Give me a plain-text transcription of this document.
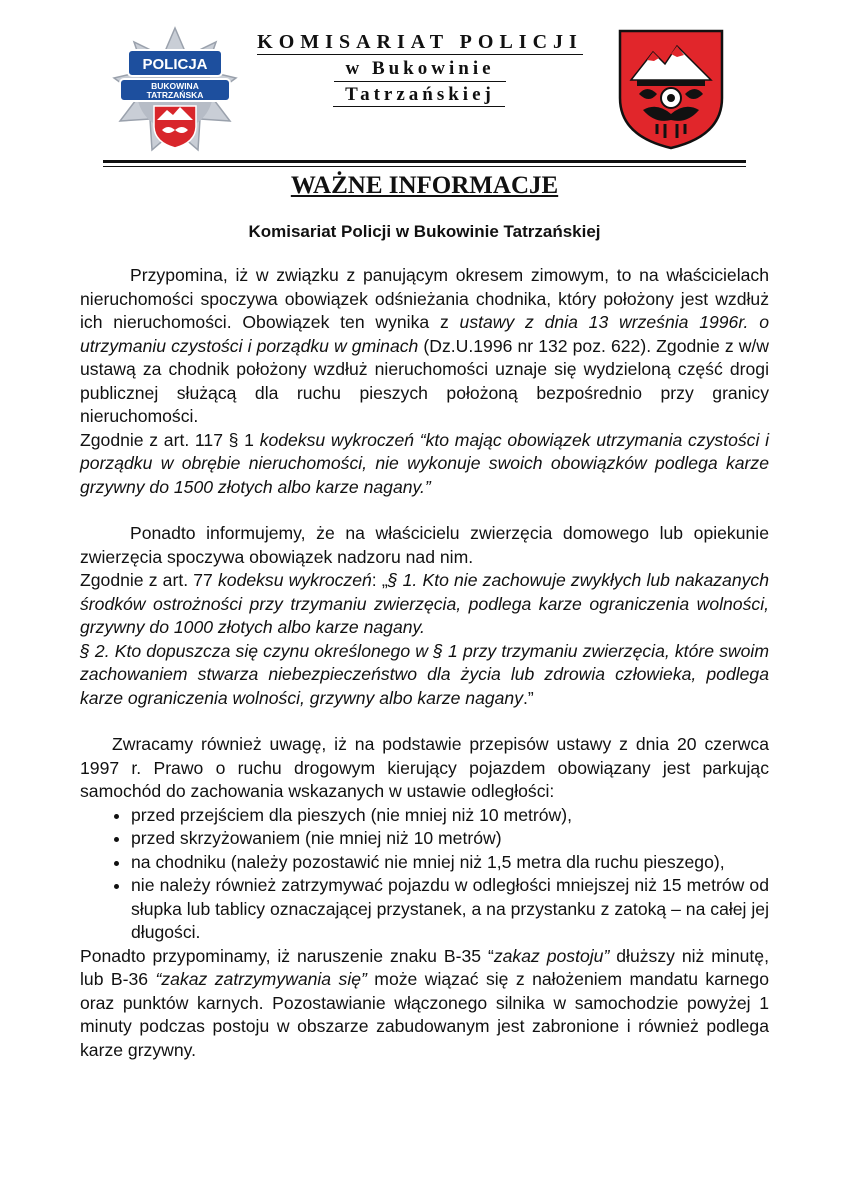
POLICJA
BUKOWINA
TATRZAŃSKA
KOMISARIAT POLICJI
w Bukowinie
Tatrzańskiej
WAŻNE INFORMACJE
Komisariat Policji w Bukowinie Tatrzańskiej

Przypomina, iż w związku z panującym okresem zimowym, to na właścicielach nieruchomości spoczywa obowiązek odśnieżania chodnika, który położony jest wzdłuż ich nieruchomości. Obowiązek ten wynika z ustawy z dnia 13 września 1996r. o utrzymaniu czystości i porządku w gminach (Dz.U.1996 nr 132 poz. 622). Zgodnie z w/w ustawą za chodnik położony wzdłuż nieruchomości uznaje się wydzieloną część drogi publicznej służącą dla ruchu pieszych położoną bezpośrednio przy granicy nieruchomości.

Zgodnie z art. 117 § 1 kodeksu wykroczeń “kto mając obowiązek utrzymania czystości i porządku w obrębie nieruchomości, nie wykonuje swoich obowiązków podlega karze grzywny do 1500 złotych albo karze nagany.”

Ponadto informujemy, że na właścicielu zwierzęcia domowego lub opiekunie zwierzęcia spoczywa obowiązek nadzoru nad nim.

Zgodnie z art. 77 kodeksu wykroczeń: „§ 1. Kto nie zachowuje zwykłych lub nakazanych środków ostrożności przy trzymaniu zwierzęcia, podlega karze ograniczenia wolności, grzywny do 1000 złotych albo karze nagany.

§ 2. Kto dopuszcza się czynu określonego w § 1 przy trzymaniu zwierzęcia, które swoim zachowaniem stwarza niebezpieczeństwo dla życia lub zdrowia człowieka, podlega karze ograniczenia wolności, grzywny albo karze nagany.”

Zwracamy również uwagę, iż na podstawie przepisów ustawy z dnia 20 czerwca 1997 r. Prawo o ruchu drogowym kierujący pojazdem obowiązany jest parkując samochód do zachowania wskazanych w ustawie odległości:

• przed przejściem dla pieszych (nie mniej niż 10 metrów),
• przed skrzyżowaniem (nie mniej niż 10 metrów)
• na chodniku (należy pozostawić nie mniej niż 1,5 metra dla ruchu pieszego),
• nie należy również zatrzymywać pojazdu w odległości mniejszej niż 15 metrów od słupka lub tablicy oznaczającej przystanek, a na przystanku z zatoką – na całej jej długości.

Ponadto przypominamy, iż naruszenie znaku B-35 “zakaz postoju” dłuższy niż minutę, lub B-36 “zakaz zatrzymywania się” może wiązać się z nałożeniem mandatu karnego oraz punktów karnych. Pozostawianie włączonego silnika w samochodzie powyżej 1 minuty podczas postoju w obszarze zabudowanym jest zabronione i również podlega karze grzywny.
